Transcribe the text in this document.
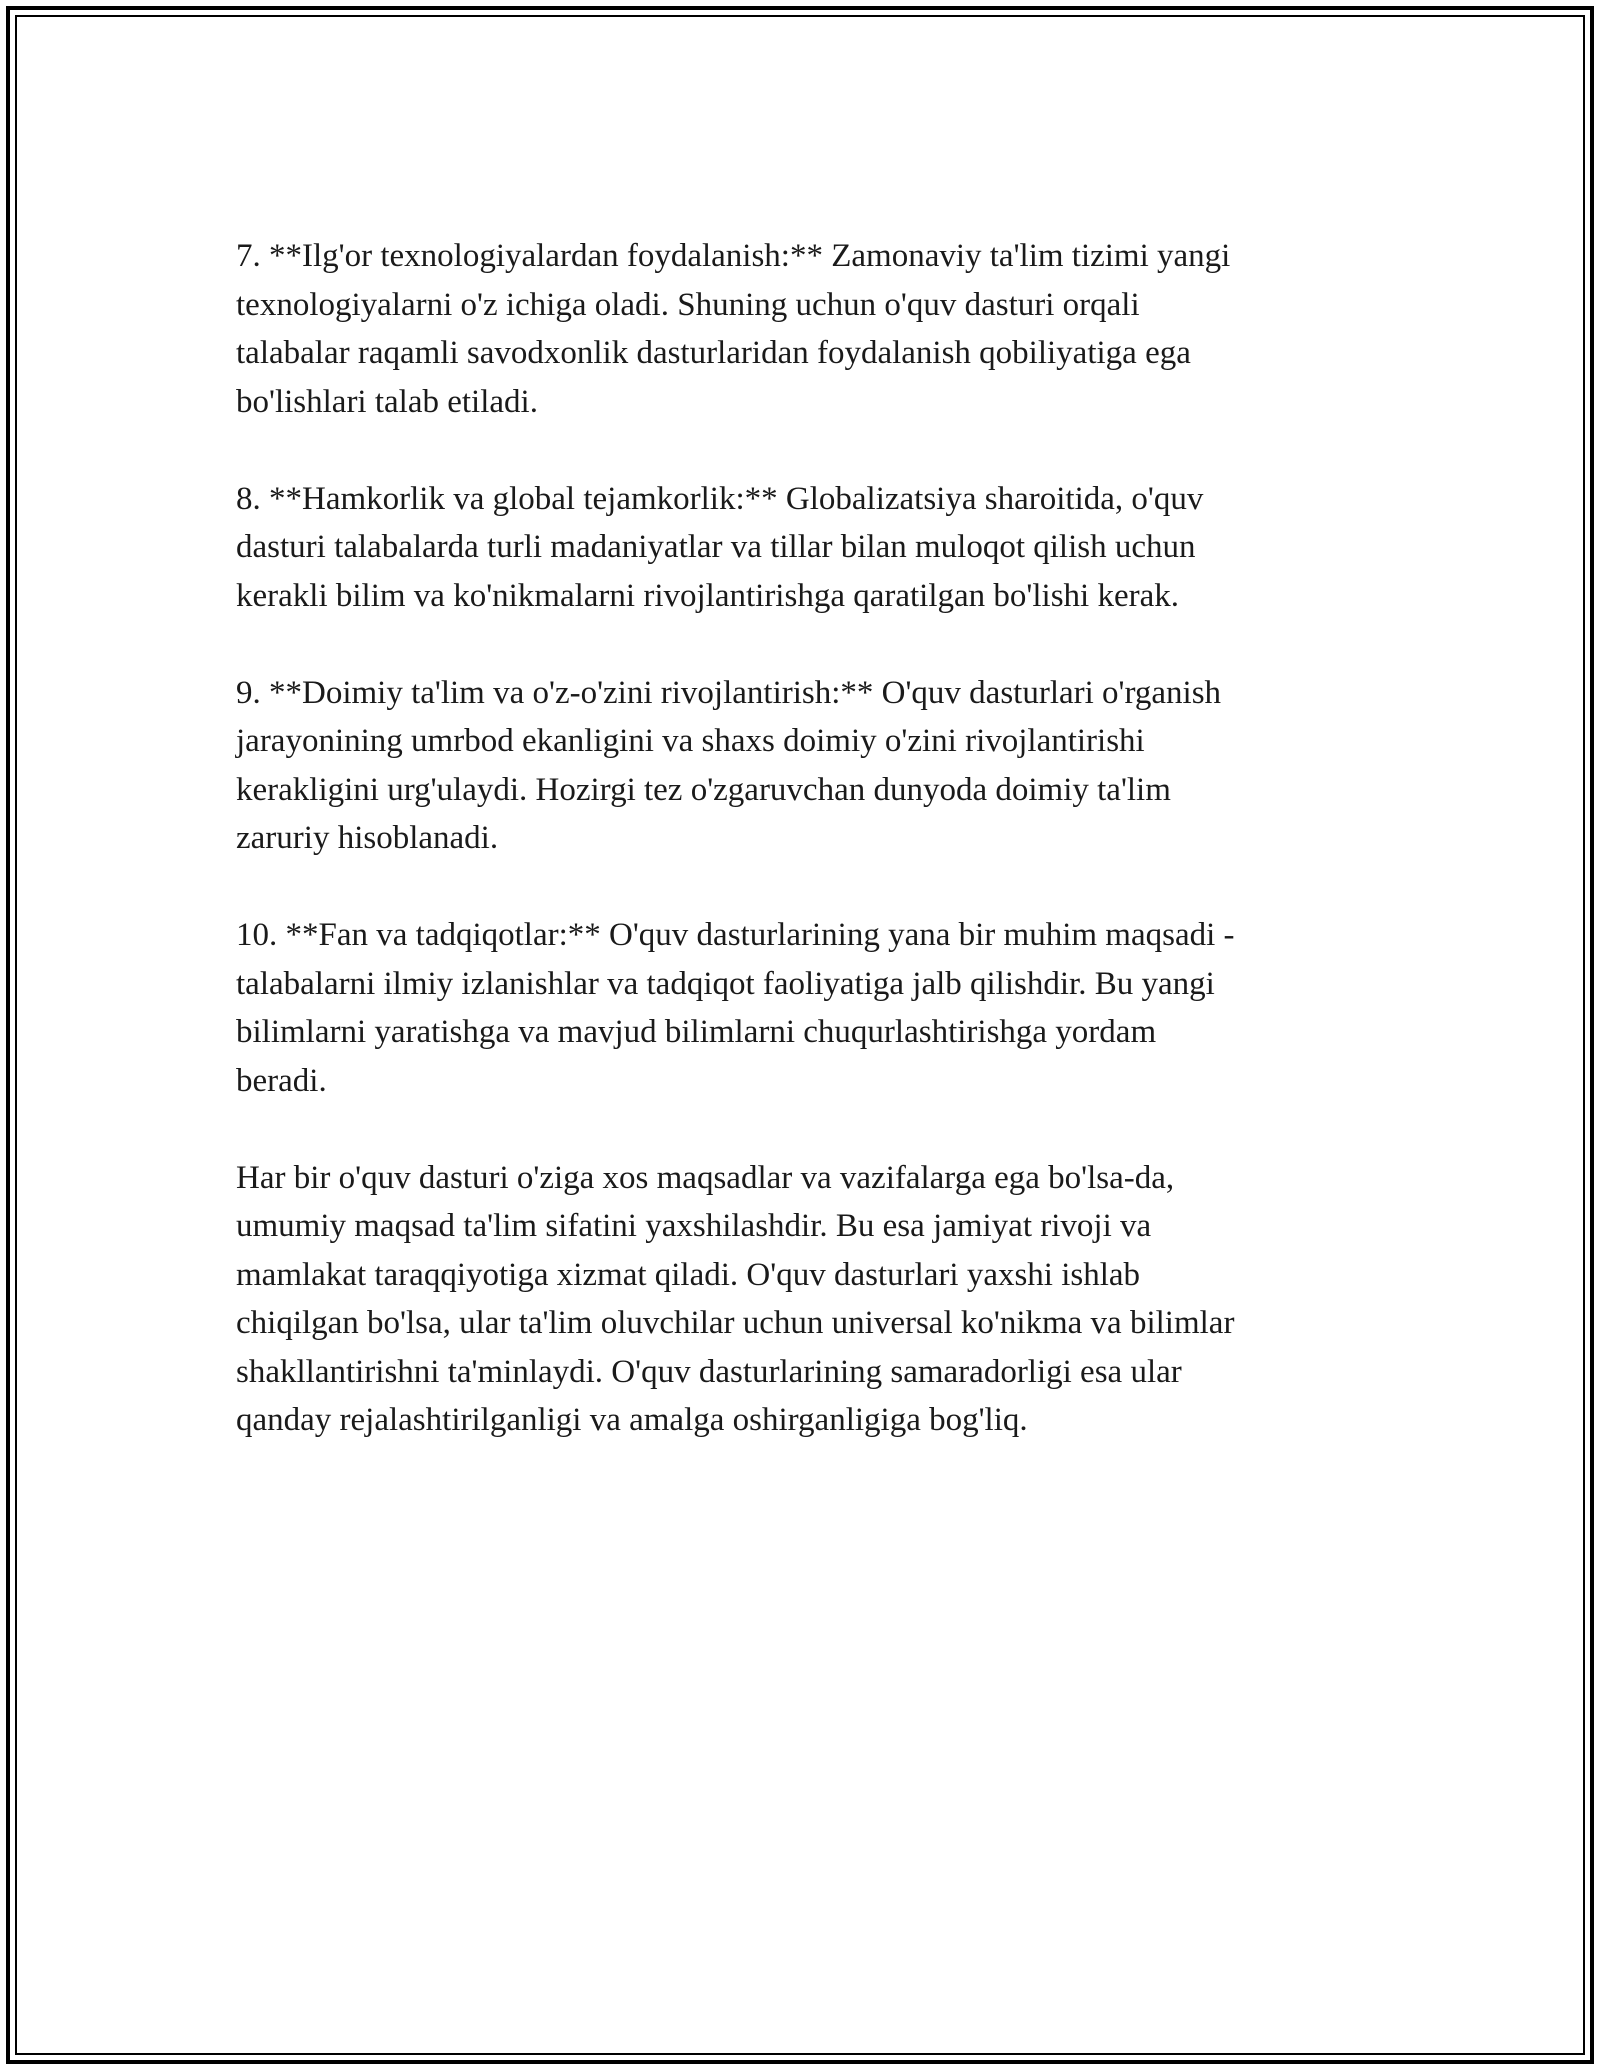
7. **Ilg'or texnologiyalardan foydalanish:** Zamonaviy ta'lim tizimi yangi
texnologiyalarni o'z ichiga oladi. Shuning uchun o'quv dasturi orqali
talabalar raqamli savodxonlik dasturlaridan foydalanish qobiliyatiga ega
bo'lishlari talab etiladi.

8. **Hamkorlik va global tejamkorlik:** Globalizatsiya sharoitida, o'quv
dasturi talabalarda turli madaniyatlar va tillar bilan muloqot qilish uchun
kerakli bilim va ko'nikmalarni rivojlantirishga qaratilgan bo'lishi kerak.

9. **Doimiy ta'lim va o'z-o'zini rivojlantirish:** O'quv dasturlari o'rganish
jarayonining umrbod ekanligini va shaxs doimiy o'zini rivojlantirishi
kerakligini urg'ulaydi. Hozirgi tez o'zgaruvchan dunyoda doimiy ta'lim
zaruriy hisoblanadi.

10. **Fan va tadqiqotlar:** O'quv dasturlarining yana bir muhim maqsadi -
talabalarni ilmiy izlanishlar va tadqiqot faoliyatiga jalb qilishdir. Bu yangi
bilimlarni yaratishga va mavjud bilimlarni chuqurlashtirishga yordam
beradi.

Har bir o'quv dasturi o'ziga xos maqsadlar va vazifalarga ega bo'lsa-da,
umumiy maqsad ta'lim sifatini yaxshilashdir. Bu esa jamiyat rivoji va
mamlakat taraqqiyotiga xizmat qiladi. O'quv dasturlari yaxshi ishlab
chiqilgan bo'lsa, ular ta'lim oluvchilar uchun universal ko'nikma va bilimlar
shakllantirishni ta'minlaydi. O'quv dasturlarining samaradorligi esa ular
qanday rejalashtirilganligi va amalga oshirganligiga bog'liq.
